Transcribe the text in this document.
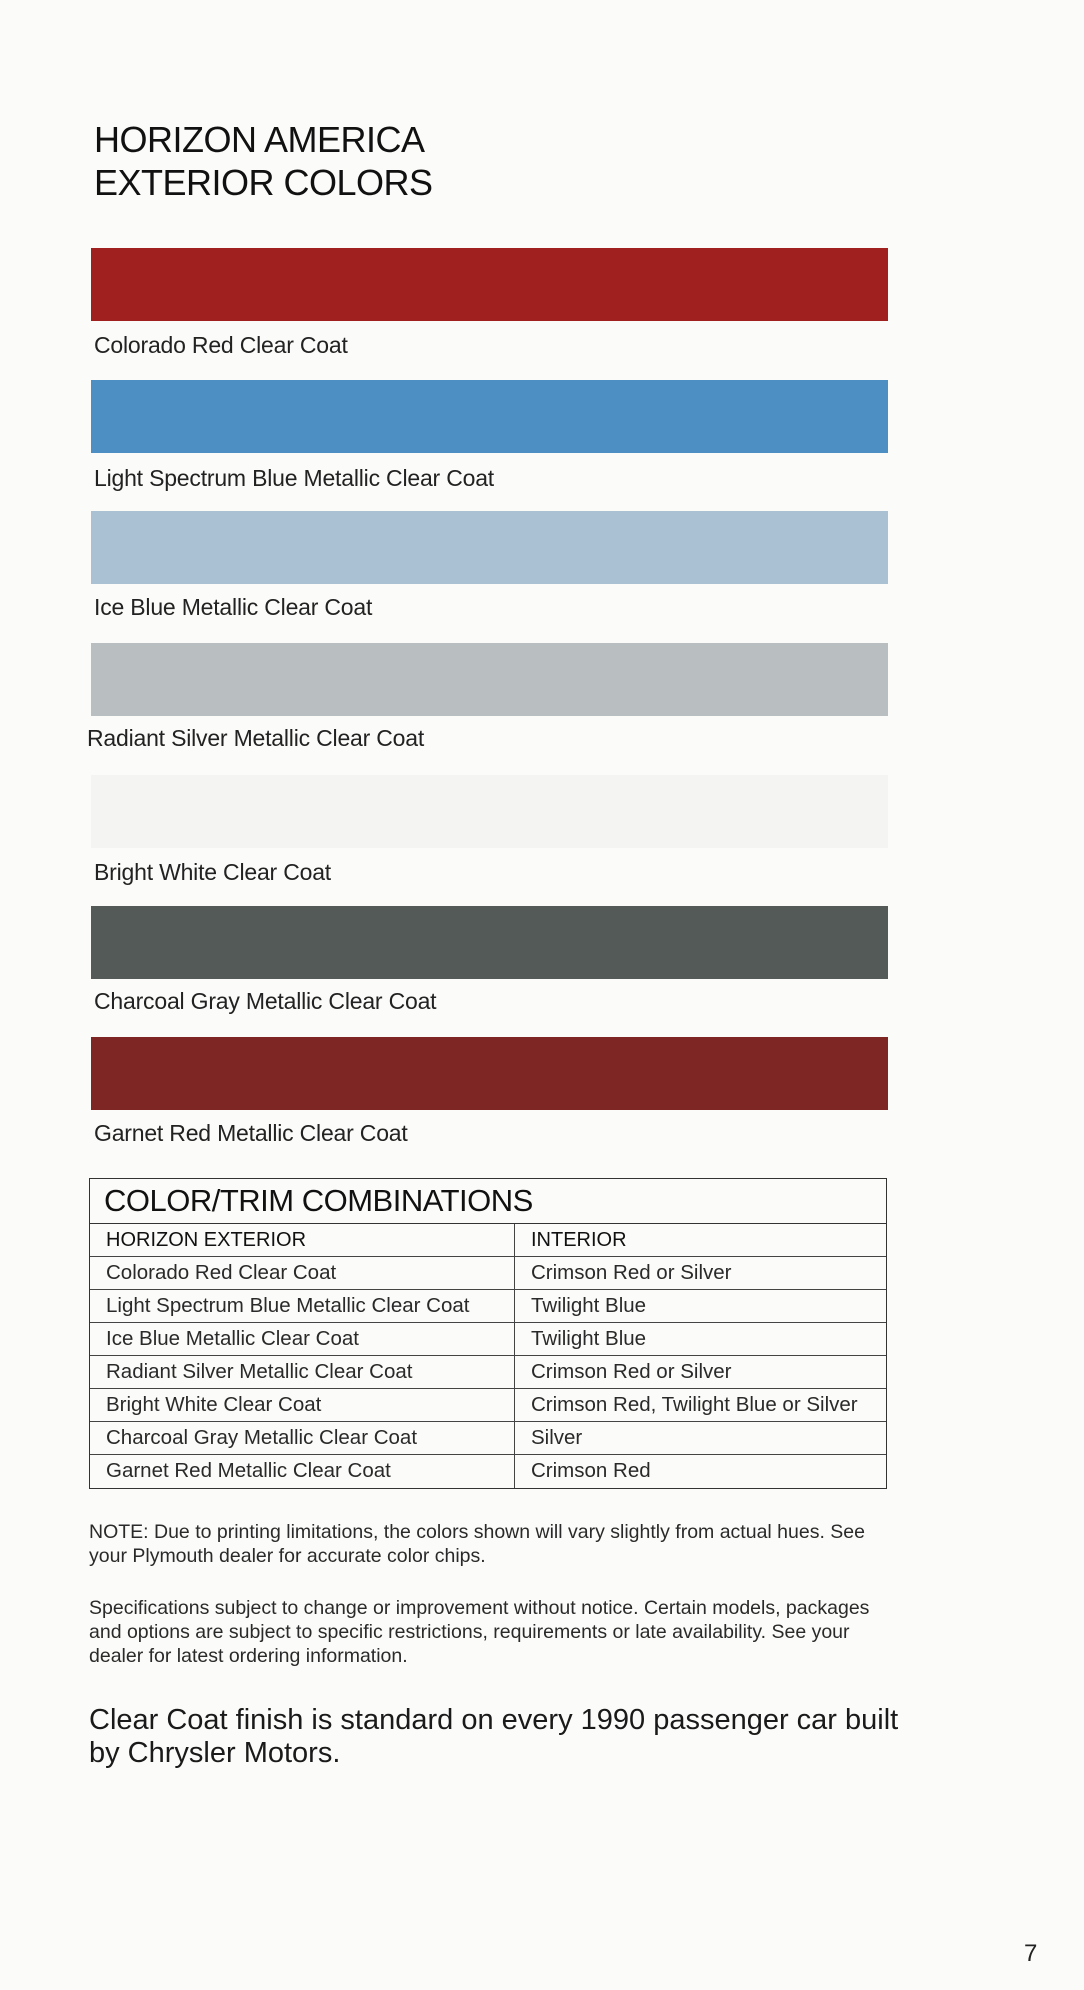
HORIZON AMERICA
EXTERIOR COLORS
Colorado Red Clear Coat
Light Spectrum Blue Metallic Clear Coat
Ice Blue Metallic Clear Coat
Radiant Silver Metallic Clear Coat
Bright White Clear Coat
Charcoal Gray Metallic Clear Coat
Garnet Red Metallic Clear Coat
COLOR/TRIM COMBINATIONS
HORIZON EXTERIOR	INTERIOR
Colorado Red Clear Coat	Crimson Red or Silver
Light Spectrum Blue Metallic Clear Coat	Twilight Blue
Ice Blue Metallic Clear Coat	Twilight Blue
Radiant Silver Metallic Clear Coat	Crimson Red or Silver
Bright White Clear Coat	Crimson Red, Twilight Blue or Silver
Charcoal Gray Metallic Clear Coat	Silver
Garnet Red Metallic Clear Coat	Crimson Red

NOTE: Due to printing limitations, the colors shown will vary slightly from actual hues. See your Plymouth dealer for accurate color chips.

Specifications subject to change or improvement without notice. Certain models, packages and options are subject to specific restrictions, requirements or late availability. See your dealer for latest ordering information.

Clear Coat finish is standard on every 1990 passenger car built by Chrysler Motors.

7
